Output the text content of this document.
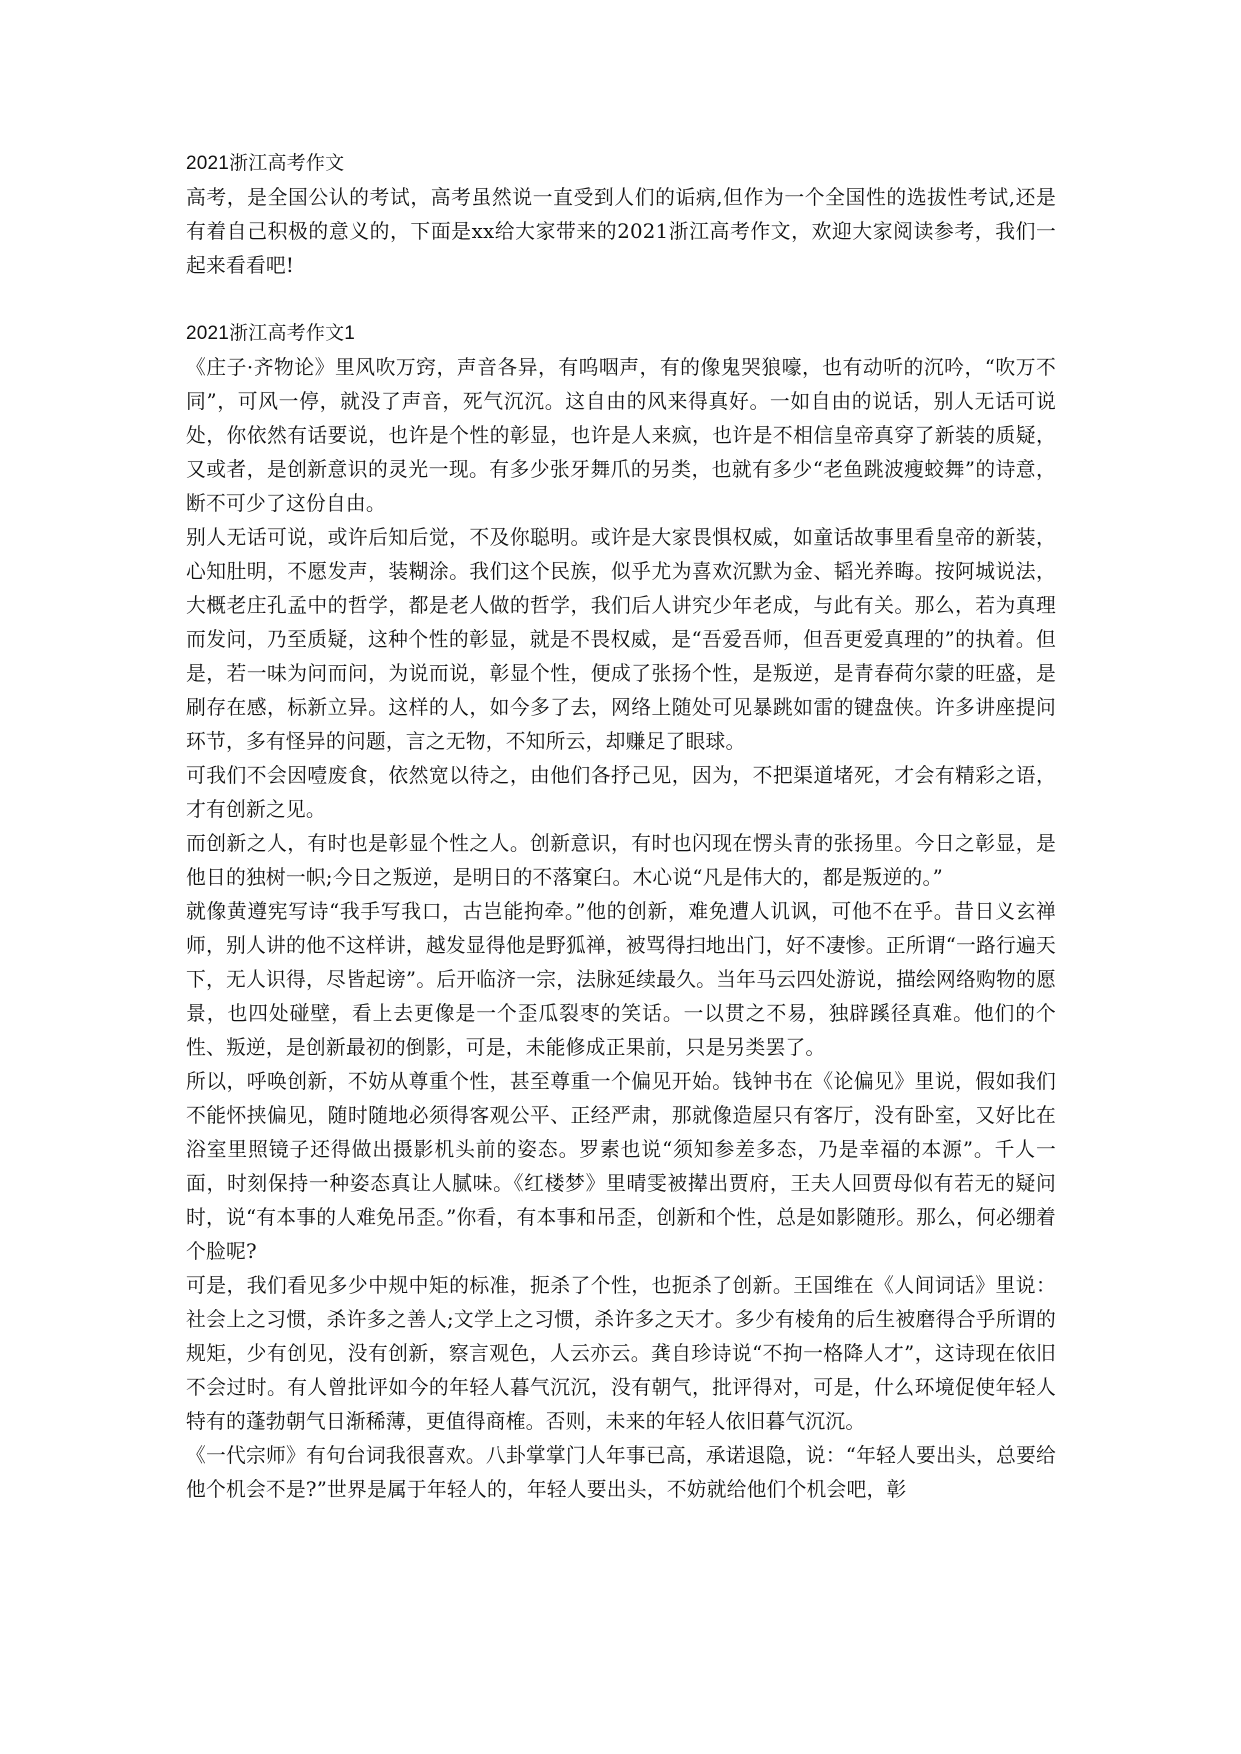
2021浙江高考作文

高考，是全国公认的考试，高考虽然说一直受到人们的诟病,但作为一个全国性的选拔性考试,还是有着自己积极的意义的，下面是xx给大家带来的2021浙江高考作文，欢迎大家阅读参考，我们一起来看看吧!

2021浙江高考作文1

《庄子·齐物论》里风吹万窍，声音各异，有呜咽声，有的像鬼哭狼嚎，也有动听的沉吟，“吹万不同”，可风一停，就没了声音，死气沉沉。这自由的风来得真好。一如自由的说话，别人无话可说处，你依然有话要说，也许是个性的彰显，也许是人来疯，也许是不相信皇帝真穿了新装的质疑，又或者，是创新意识的灵光一现。有多少张牙舞爪的另类，也就有多少“老鱼跳波瘦蛟舞”的诗意，断不可少了这份自由。

别人无话可说，或许后知后觉，不及你聪明。或许是大家畏惧权威，如童话故事里看皇帝的新装，心知肚明，不愿发声，装糊涂。我们这个民族，似乎尤为喜欢沉默为金、韬光养晦。按阿城说法，大概老庄孔孟中的哲学，都是老人做的哲学，我们后人讲究少年老成，与此有关。那么，若为真理而发问，乃至质疑，这种个性的彰显，就是不畏权威，是“吾爱吾师，但吾更爱真理的”的执着。但是，若一味为问而问，为说而说，彰显个性，便成了张扬个性，是叛逆，是青春荷尔蒙的旺盛，是刷存在感，标新立异。这样的人，如今多了去，网络上随处可见暴跳如雷的键盘侠。许多讲座提问环节，多有怪异的问题，言之无物，不知所云，却赚足了眼球。

可我们不会因噎废食，依然宽以待之，由他们各抒己见，因为，不把渠道堵死，才会有精彩之语，才有创新之见。

而创新之人，有时也是彰显个性之人。创新意识，有时也闪现在愣头青的张扬里。今日之彰显，是他日的独树一帜;今日之叛逆，是明日的不落窠臼。木心说“凡是伟大的，都是叛逆的。”

就像黄遵宪写诗“我手写我口，古岂能拘牵。”他的创新，难免遭人讥讽，可他不在乎。昔日义玄禅师，别人讲的他不这样讲，越发显得他是野狐禅，被骂得扫地出门，好不凄惨。正所谓“一路行遍天下，无人识得，尽皆起谤”。后开临济一宗，法脉延续最久。当年马云四处游说，描绘网络购物的愿景，也四处碰壁，看上去更像是一个歪瓜裂枣的笑话。一以贯之不易，独辟蹊径真难。他们的个性、叛逆，是创新最初的倒影，可是，未能修成正果前，只是另类罢了。

所以，呼唤创新，不妨从尊重个性，甚至尊重一个偏见开始。钱钟书在《论偏见》里说，假如我们不能怀挟偏见，随时随地必须得客观公平、正经严肃，那就像造屋只有客厅，没有卧室，又好比在浴室里照镜子还得做出摄影机头前的姿态。罗素也说“须知参差多态，乃是幸福的本源”。千人一面，时刻保持一种姿态真让人腻味。《红楼梦》里晴雯被撵出贾府，王夫人回贾母似有若无的疑问时，说“有本事的人难免吊歪。”你看，有本事和吊歪，创新和个性，总是如影随形。那么，何必绷着个脸呢?

可是，我们看见多少中规中矩的标准，扼杀了个性，也扼杀了创新。王国维在《人间词话》里说：社会上之习惯，杀许多之善人;文学上之习惯，杀许多之天才。多少有棱角的后生被磨得合乎所谓的规矩，少有创见，没有创新，察言观色，人云亦云。龚自珍诗说“不拘一格降人才”，这诗现在依旧不会过时。有人曾批评如今的年轻人暮气沉沉，没有朝气，批评得对，可是，什么环境促使年轻人特有的蓬勃朝气日渐稀薄，更值得商榷。否则，未来的年轻人依旧暮气沉沉。

《一代宗师》有句台词我很喜欢。八卦掌掌门人年事已高，承诺退隐，说：“年轻人要出头，总要给他个机会不是?”世界是属于年轻人的，年轻人要出头，不妨就给他们个机会吧，彰
